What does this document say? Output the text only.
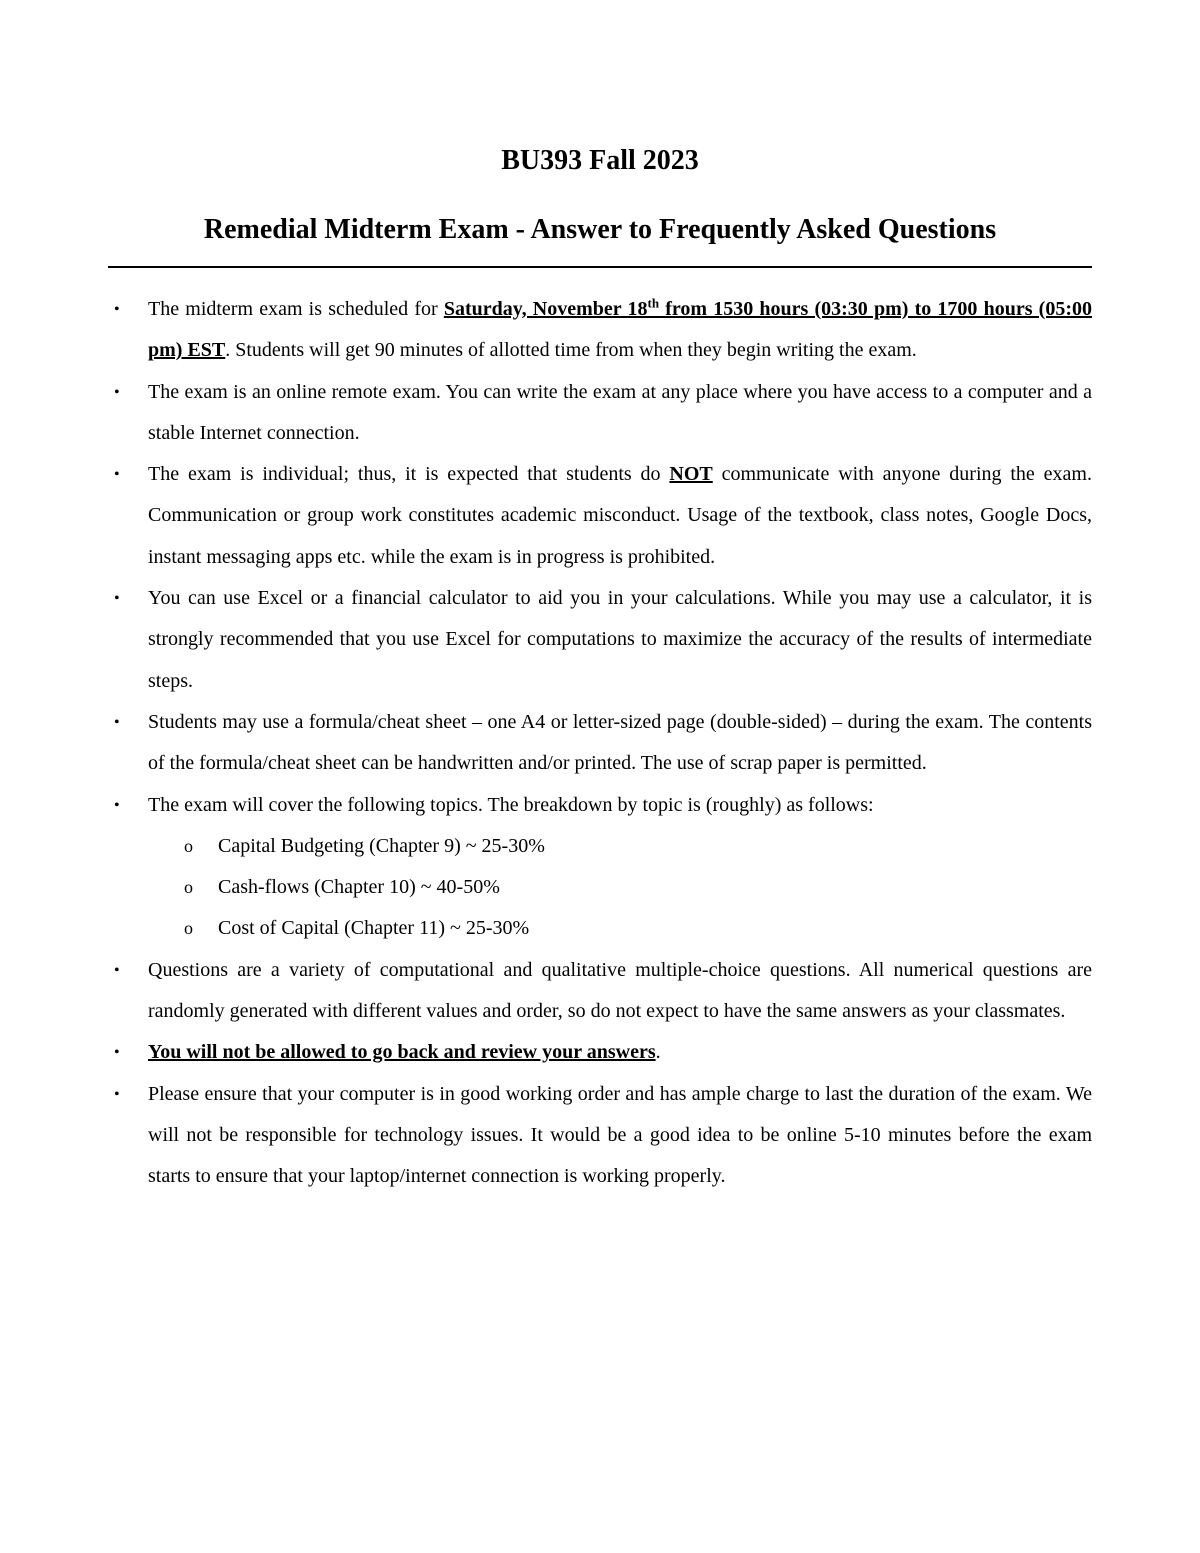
BU393 Fall 2023
Remedial Midterm Exam - Answer to Frequently Asked Questions
• The midterm exam is scheduled for Saturday, November 18th from 1530 hours (03:30 pm) to 1700 hours (05:00 pm) EST. Students will get 90 minutes of allotted time from when they begin writing the exam.
• The exam is an online remote exam. You can write the exam at any place where you have access to a computer and a stable Internet connection.
• The exam is individual; thus, it is expected that students do NOT communicate with anyone during the exam. Communication or group work constitutes academic misconduct. Usage of the textbook, class notes, Google Docs, instant messaging apps etc. while the exam is in progress is prohibited.
• You can use Excel or a financial calculator to aid you in your calculations. While you may use a calculator, it is strongly recommended that you use Excel for computations to maximize the accuracy of the results of intermediate steps.
• Students may use a formula/cheat sheet – one A4 or letter-sized page (double-sided) – during the exam. The contents of the formula/cheat sheet can be handwritten and/or printed. The use of scrap paper is permitted.
• The exam will cover the following topics. The breakdown by topic is (roughly) as follows:
o Capital Budgeting (Chapter 9) ~ 25-30%
o Cash-flows (Chapter 10) ~ 40-50%
o Cost of Capital (Chapter 11) ~ 25-30%
• Questions are a variety of computational and qualitative multiple-choice questions. All numerical questions are randomly generated with different values and order, so do not expect to have the same answers as your classmates.
• You will not be allowed to go back and review your answers.
• Please ensure that your computer is in good working order and has ample charge to last the duration of the exam. We will not be responsible for technology issues. It would be a good idea to be online 5-10 minutes before the exam starts to ensure that your laptop/internet connection is working properly.
